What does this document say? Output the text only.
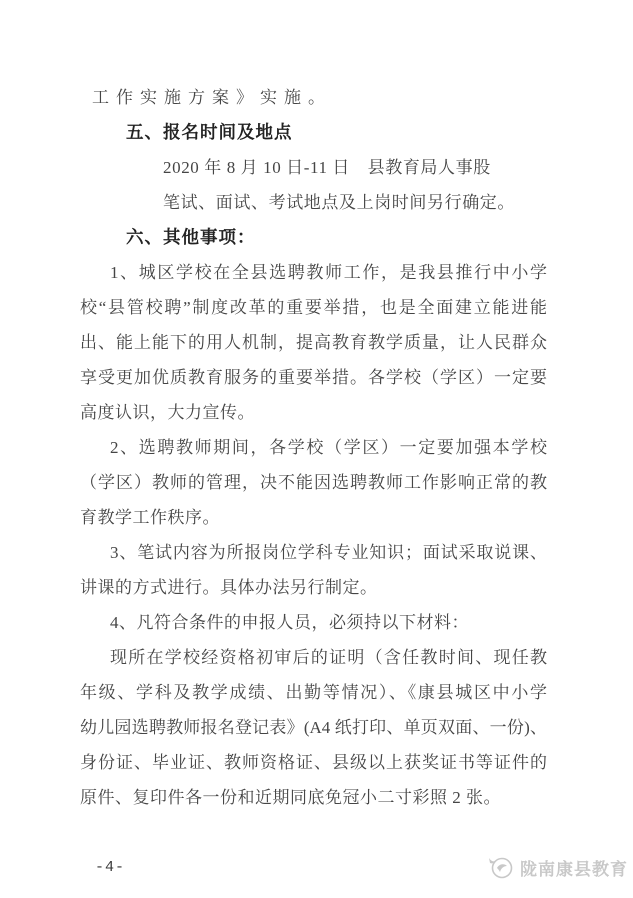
工作实施方案》实施。
五、报名时间及地点
2020 年 8 月 10 日-11 日　县教育局人事股
笔试、面试、考试地点及上岗时间另行确定。
六、其他事项：
1、城区学校在全县选聘教师工作，是我县推行中小学
校“县管校聘”制度改革的重要举措，也是全面建立能进能
出、能上能下的用人机制，提高教育教学质量，让人民群众
享受更加优质教育服务的重要举措。各学校（学区）一定要
高度认识，大力宣传。
2、选聘教师期间，各学校（学区）一定要加强本学校
（学区）教师的管理，决不能因选聘教师工作影响正常的教
育教学工作秩序。
3、笔试内容为所报岗位学科专业知识；面试采取说课、
讲课的方式进行。具体办法另行制定。
4、凡符合条件的申报人员，必须持以下材料：
现所在学校经资格初审后的证明（含任教时间、现任教
年级、学科及教学成绩、出勤等情况）、《康县城区中小学
幼儿园选聘教师报名登记表》(A4 纸打印、单页双面、一份)、
身份证、毕业证、教师资格证、县级以上获奖证书等证件的
原件、复印件各一份和近期同底免冠小二寸彩照 2 张。
-4-	陇南康县教育
